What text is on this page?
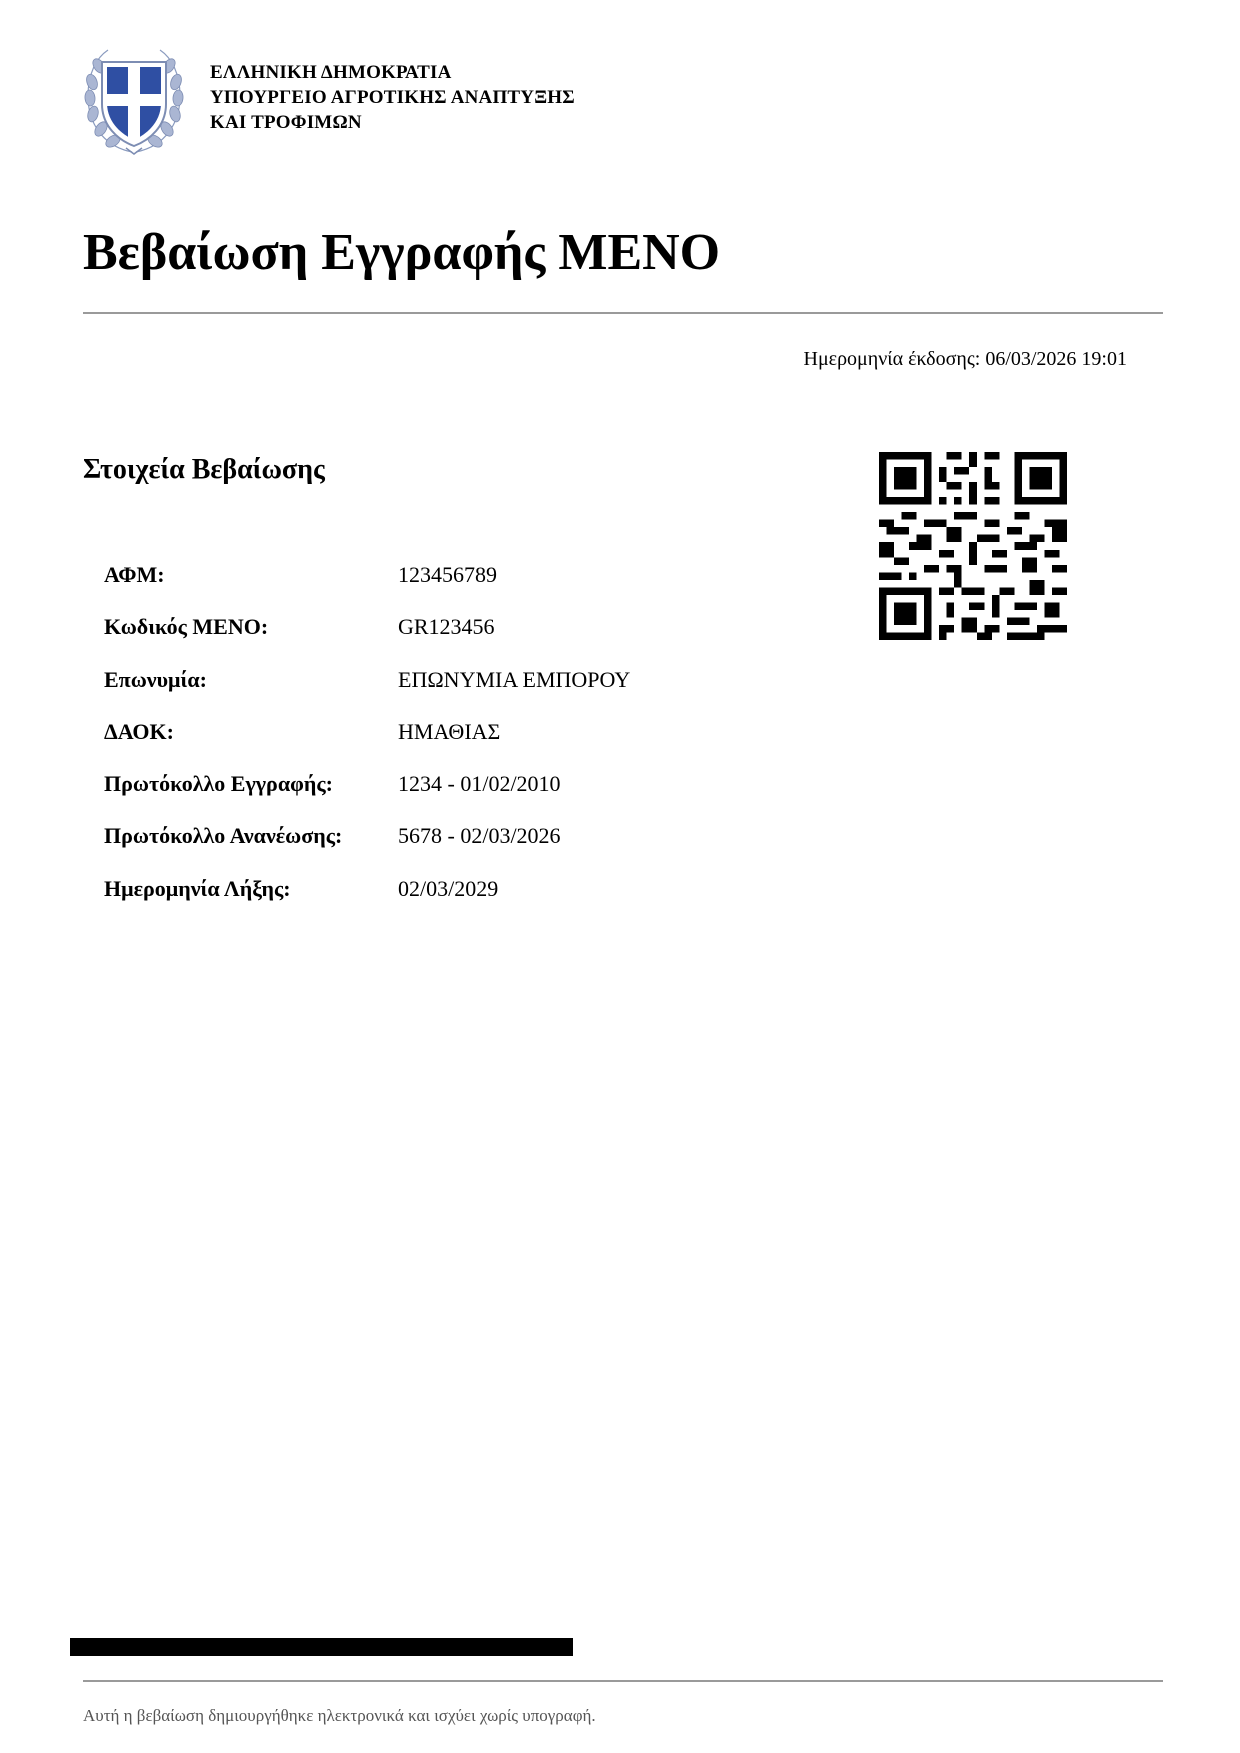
ΕΛΛΗΝΙΚΗ ΔΗΜΟΚΡΑΤΙΑ
ΥΠΟΥΡΓΕΙΟ ΑΓΡΟΤΙΚΗΣ ΑΝΑΠΤΥΞΗΣ
ΚΑΙ ΤΡΟΦΙΜΩΝ
Βεβαίωση Εγγραφής ΜΕΝΟ
Ημερομηνία έκδοσης: 06/03/2026 19:01
Στοιχεία Βεβαίωσης
ΑΦΜ:	123456789
Κωδικός ΜΕΝΟ:	GR123456
Επωνυμία:	ΕΠΩΝΥΜΙΑ ΕΜΠΟΡΟΥ
ΔΑΟΚ:	ΗΜΑΘΙΑΣ
Πρωτόκολλο Εγγραφής:	1234 - 01/02/2010
Πρωτόκολλο Ανανέωσης:	5678 - 02/03/2026
Ημερομηνία Λήξης:	02/03/2029
Αυτή η βεβαίωση δημιουργήθηκε ηλεκτρονικά και ισχύει χωρίς υπογραφή.
